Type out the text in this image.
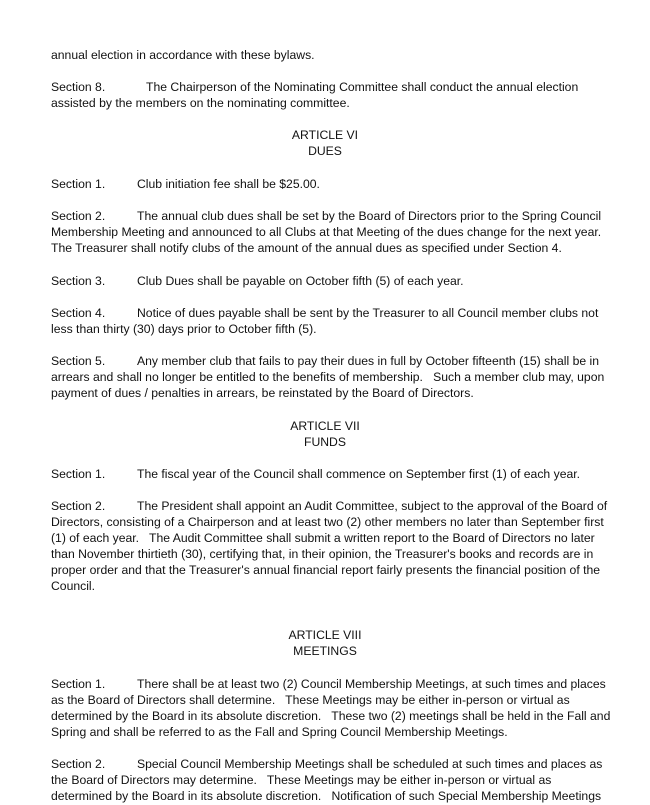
annual election in accordance with these bylaws.
Section 8.	The Chairperson of the Nominating Committee shall conduct the annual election
assisted by the members on the nominating committee.
ARTICLE VI
DUES
Section 1.	Club initiation fee shall be $25.00.
Section 2.	The annual club dues shall be set by the Board of Directors prior to the Spring Council
Membership Meeting and announced to all Clubs at that Meeting of the dues change for the next year.
The Treasurer shall notify clubs of the amount of the annual dues as specified under Section 4.
Section 3.	Club Dues shall be payable on October fifth (5) of each year.
Section 4.	Notice of dues payable shall be sent by the Treasurer to all Council member clubs not
less than thirty (30) days prior to October fifth (5).
Section 5.	Any member club that fails to pay their dues in full by October fifteenth (15) shall be in
arrears and shall no longer be entitled to the benefits of membership.   Such a member club may, upon
payment of dues / penalties in arrears, be reinstated by the Board of Directors.
ARTICLE VII
FUNDS
Section 1.	The fiscal year of the Council shall commence on September first (1) of each year.
Section 2.	The President shall appoint an Audit Committee, subject to the approval of the Board of
Directors, consisting of a Chairperson and at least two (2) other members no later than September first
(1) of each year.   The Audit Committee shall submit a written report to the Board of Directors no later
than November thirtieth (30), certifying that, in their opinion, the Treasurer's books and records are in
proper order and that the Treasurer's annual financial report fairly presents the financial position of the
Council.
ARTICLE VIII
MEETINGS
Section 1.	There shall be at least two (2) Council Membership Meetings, at such times and places
as the Board of Directors shall determine.   These Meetings may be either in-person or virtual as
determined by the Board in its absolute discretion.   These two (2) meetings shall be held in the Fall and
Spring and shall be referred to as the Fall and Spring Council Membership Meetings.
Section 2.	Special Council Membership Meetings shall be scheduled at such times and places as
the Board of Directors may determine.   These Meetings may be either in-person or virtual as
determined by the Board in its absolute discretion.   Notification of such Special Membership Meetings
